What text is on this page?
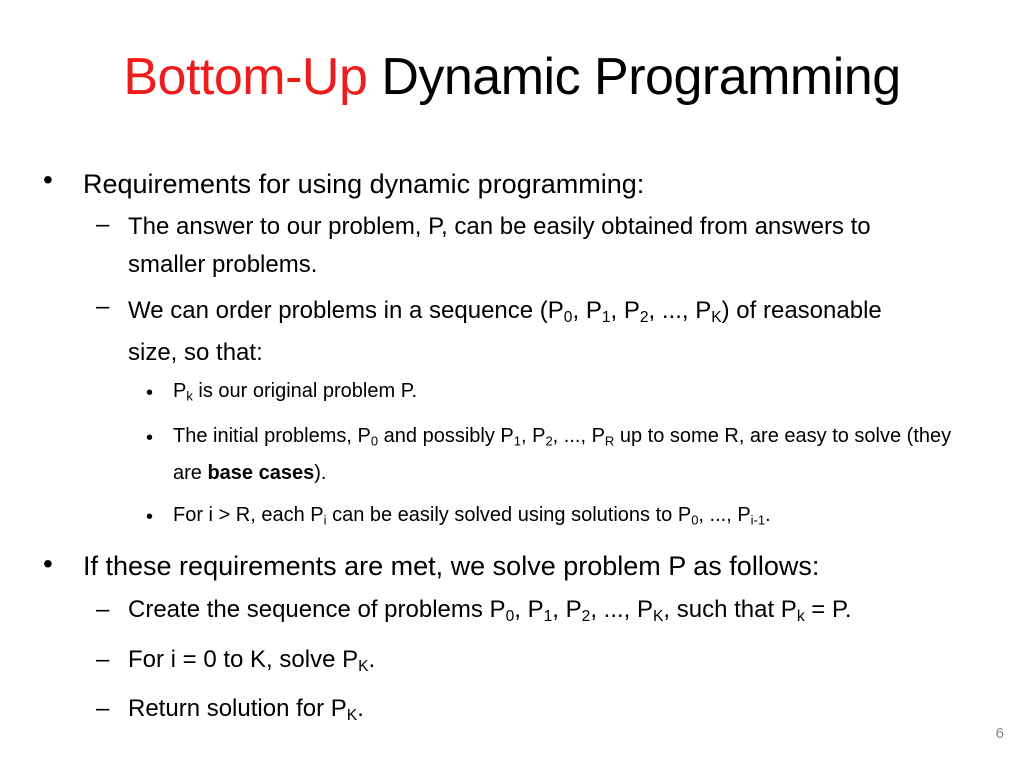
Bottom-Up Dynamic Programming
• Requirements for using dynamic programming:
– The answer to our problem, P, can be easily obtained from answers to smaller problems.
– We can order problems in a sequence ($P_0$, $P_1$, $P_2$, ..., $P_K$) of reasonable size, so that:
• $P_k$ is our original problem P.
• The initial problems, $P_0$ and possibly $P_1$, $P_2$, ..., $P_R$ up to some R, are easy to solve (they are base cases).
• For i > R, each $P_i$ can be easily solved using solutions to $P_0$, ..., $P_{i-1}$.
• If these requirements are met, we solve problem P as follows:
– Create the sequence of problems $P_0$, $P_1$, $P_2$, ..., $P_K$, such that $P_k = P$.
– For i = 0 to K, solve $P_K$.
– Return solution for $P_K$.
6
